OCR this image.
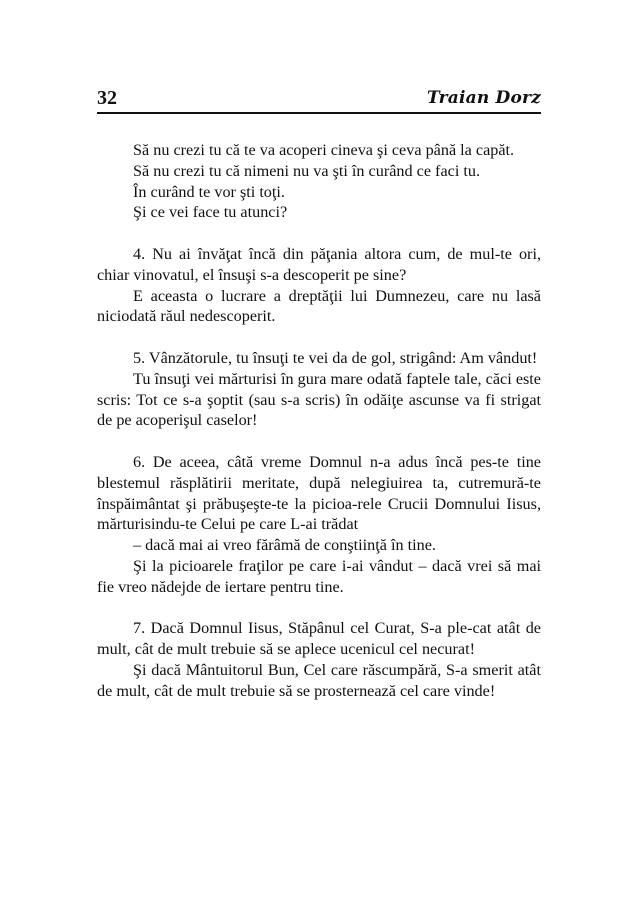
32	Traian Dorz

Să nu crezi tu că te va acoperi cineva şi ceva până la capăt.

Să nu crezi tu că nimeni nu va şti în curând ce faci tu.

În curând te vor şti toţi.

Şi ce vei face tu atunci?

4. Nu ai învăţat încă din păţania altora cum, de mul-te ori, chiar vinovatul, el însuşi s-a descoperit pe sine?

E aceasta o lucrare a dreptăţii lui Dumnezeu, care nu lasă niciodată răul nedescoperit.

5. Vânzătorule, tu însuţi te vei da de gol, strigând: Am vândut!

Tu însuţi vei mărturisi în gura mare odată faptele tale, căci este scris: Tot ce s-a şoptit (sau s-a scris) în odăiţe ascunse va fi strigat de pe acoperişul caselor!

6. De aceea, câtă vreme Domnul n-a adus încă pes-te tine blestemul răsplătirii meritate, după nelegiuirea ta, cutremură-te înspăimântat şi prăbuşeşte-te la picioa-rele Crucii Domnului Iisus, mărturisindu-te Celui pe care L-ai trădat

– dacă mai ai vreo fărâmă de conştiinţă în tine.

Şi la picioarele fraţilor pe care i-ai vândut – dacă vrei să mai fie vreo nădejde de iertare pentru tine.

7. Dacă Domnul Iisus, Stăpânul cel Curat, S-a ple-cat atât de mult, cât de mult trebuie să se aplece ucenicul cel necurat!

Şi dacă Mântuitorul Bun, Cel care răscumpără, S-a smerit atât de mult, cât de mult trebuie să se prosternează cel care vinde!
